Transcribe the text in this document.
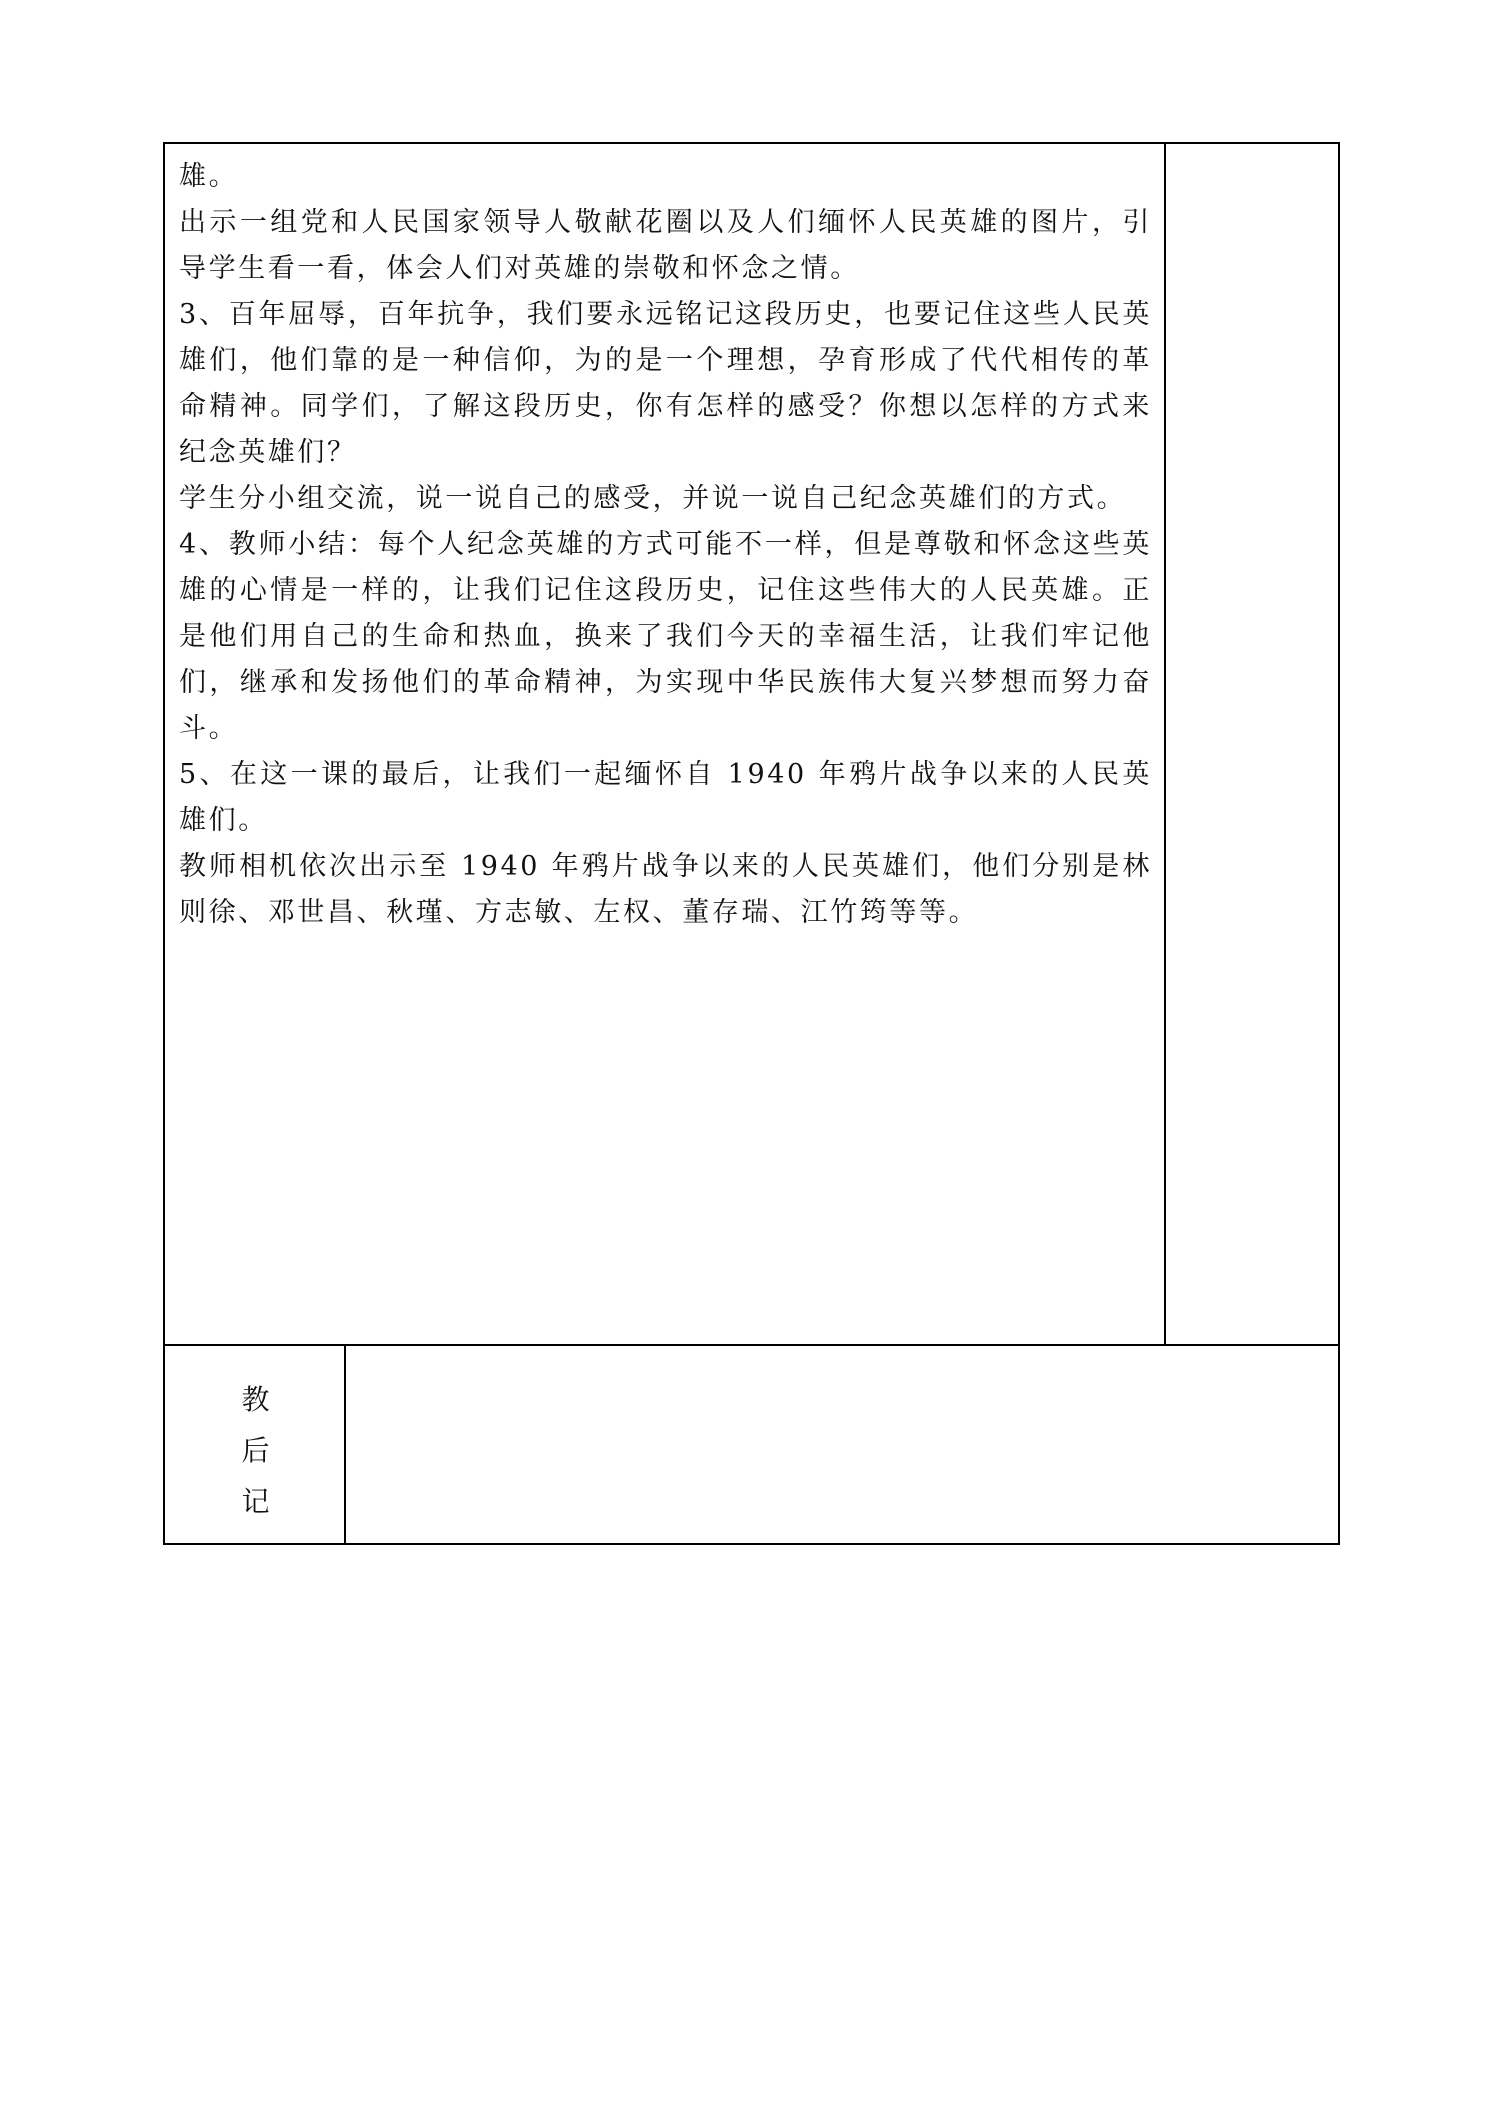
雄。

出示一组党和人民国家领导人敬献花圈以及人们缅怀人民英雄的图片，引导学生看一看，体会人们对英雄的崇敬和怀念之情。

3、百年屈辱，百年抗争，我们要永远铭记这段历史，也要记住这些人民英雄们，他们靠的是一种信仰，为的是一个理想，孕育形成了代代相传的革命精神。同学们，了解这段历史，你有怎样的感受？你想以怎样的方式来纪念英雄们？

学生分小组交流，说一说自己的感受，并说一说自己纪念英雄们的方式。

4、教师小结：每个人纪念英雄的方式可能不一样，但是尊敬和怀念这些英雄的心情是一样的，让我们记住这段历史，记住这些伟大的人民英雄。正是他们用自己的生命和热血，换来了我们今天的幸福生活，让我们牢记他们，继承和发扬他们的革命精神，为实现中华民族伟大复兴梦想而努力奋斗。

5、在这一课的最后，让我们一起缅怀自 1940 年鸦片战争以来的人民英雄们。

教师相机依次出示至 1940 年鸦片战争以来的人民英雄们，他们分别是林则徐、邓世昌、秋瑾、方志敏、左权、董存瑞、江竹筠等等。

教
后
记
